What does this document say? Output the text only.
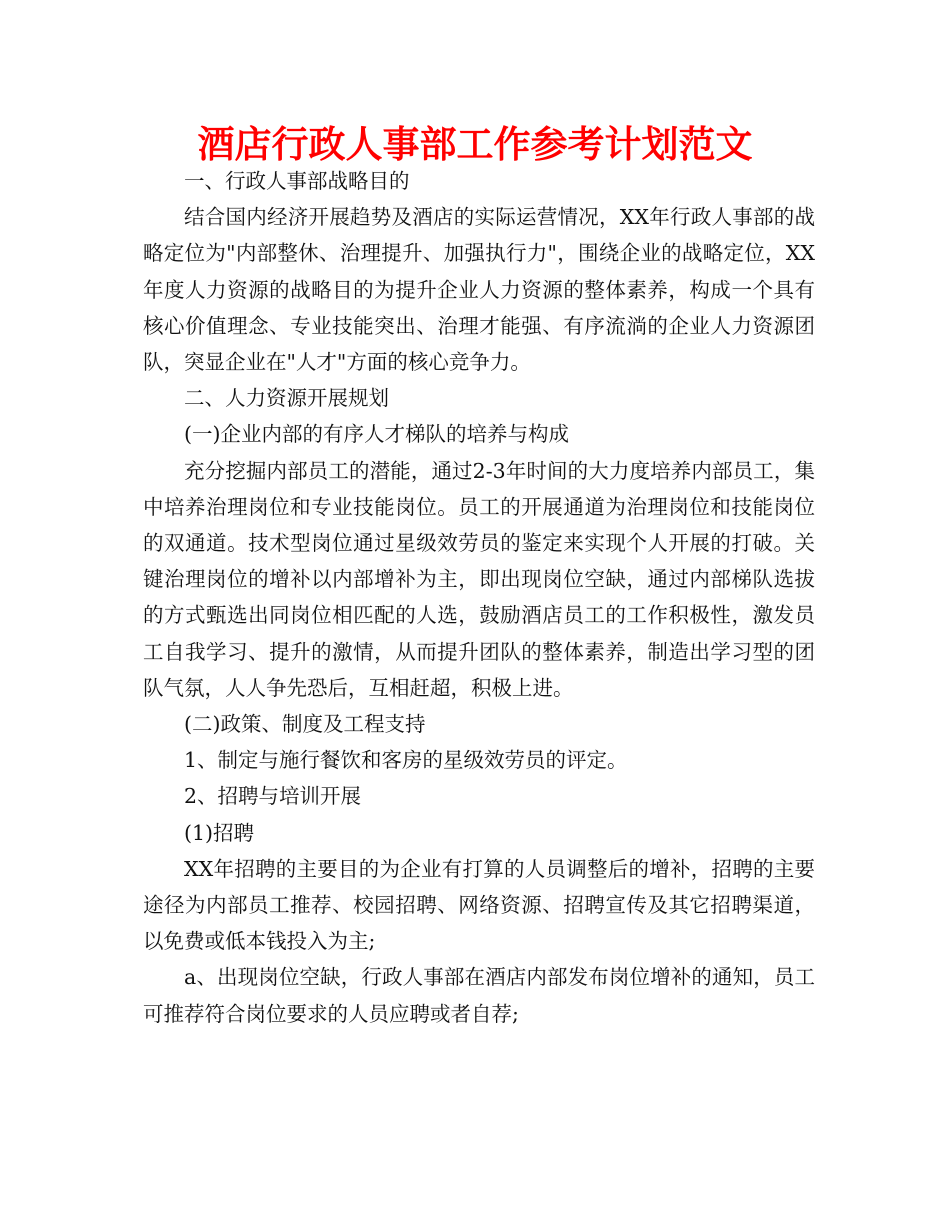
酒店行政人事部工作参考计划范文

一、行政人事部战略目的

结合国内经济开展趋势及酒店的实际运营情况，XX年行政人事部的战略定位为"内部整休、治理提升、加强执行力"，围绕企业的战略定位，XX年度人力资源的战略目的为提升企业人力资源的整体素养，构成一个具有核心价值理念、专业技能突出、治理才能强、有序流淌的企业人力资源团队，突显企业在"人才"方面的核心竞争力。

二、人力资源开展规划

(一)企业内部的有序人才梯队的培养与构成

充分挖掘内部员工的潜能，通过2-3年时间的大力度培养内部员工，集中培养治理岗位和专业技能岗位。员工的开展通道为治理岗位和技能岗位的双通道。技术型岗位通过星级效劳员的鉴定来实现个人开展的打破。关键治理岗位的增补以内部增补为主，即出现岗位空缺，通过内部梯队选拔的方式甄选出同岗位相匹配的人选，鼓励酒店员工的工作积极性，激发员工自我学习、提升的激情，从而提升团队的整体素养，制造出学习型的团队气氛，人人争先恐后，互相赶超，积极上进。

(二)政策、制度及工程支持

1、制定与施行餐饮和客房的星级效劳员的评定。

2、招聘与培训开展

(1)招聘

XX年招聘的主要目的为企业有打算的人员调整后的增补，招聘的主要途径为内部员工推荐、校园招聘、网络资源、招聘宣传及其它招聘渠道，以免费或低本钱投入为主;

a、出现岗位空缺，行政人事部在酒店内部发布岗位增补的通知，员工可推荐符合岗位要求的人员应聘或者自荐;
